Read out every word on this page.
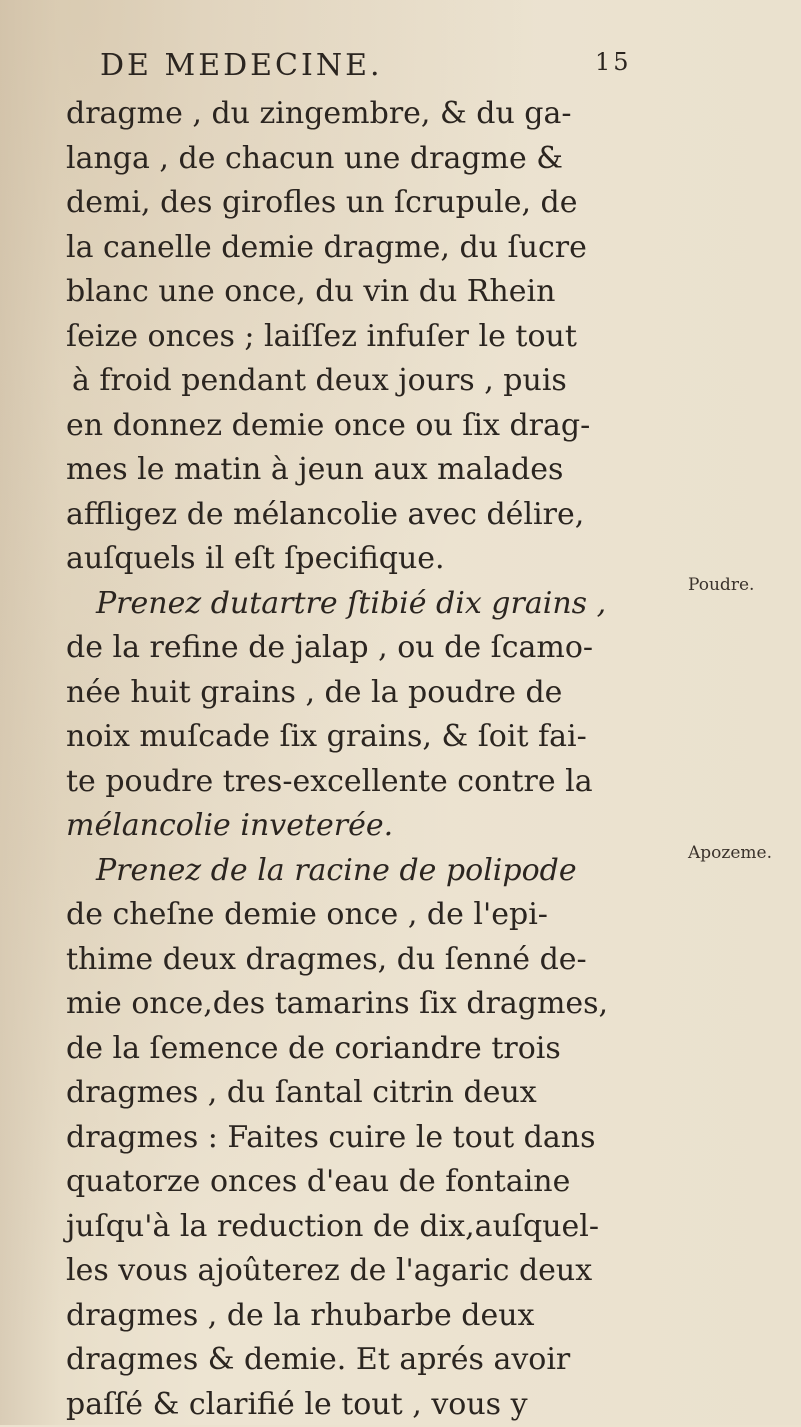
DE MEDECINE.	15
dragme , du zingembre, & du ga-
langa , de chacun une dragme &
demi, des girofles un ſcrupule, de
la canelle demie dragme, du ſucre
blanc une once, du vin du Rhein
ſeize onces ; laiſſez infuſer le tout
à froid pendant deux jours , puis
en donnez demie once ou ſix drag-
mes le matin à jeun aux malades
affligez de mélancolie avec délire,
auſquels il eſt ſpecifique.
Prenez dutartre ſtibié dix grains ,
de la refine de jalap , ou de ſcamo-
née huit grains , de la poudre de
noix muſcade ſix grains, & ſoit fai-
te poudre tres-excellente contre la
mélancolie inveterée.
Prenez de la racine de polipode
de cheſne demie once , de l'epi-
thime deux dragmes, du ſenné de-
mie once,des tamarins ſix dragmes,
de la ſemence de coriandre trois
dragmes , du ſantal citrin deux
dragmes : Faites cuire le tout dans
quatorze onces d'eau de fontaine
juſqu'à la reduction de dix,auſquel-
les vous ajoûterez de l'agaric deux
dragmes , de la rhubarbe deux
dragmes & demie. Et aprés avoir
paſſé & clarifié le tout , vous y
Poudre.
Apozeme.
